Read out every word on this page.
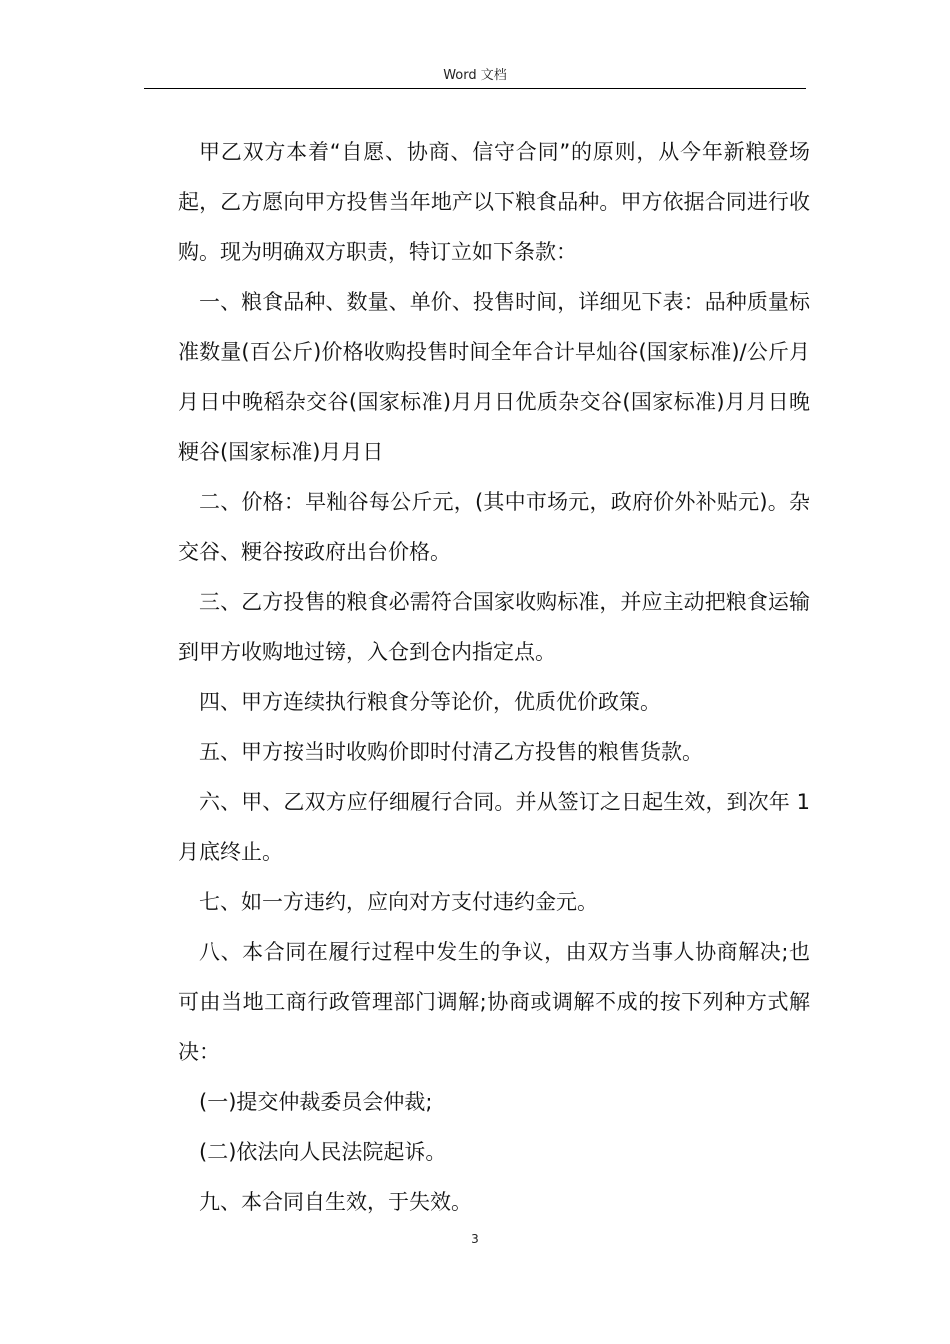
Word 文档

甲乙双方本着“自愿、协商、信守合同”的原则，从今年新粮登场起，乙方愿向甲方投售当年地产以下粮食品种。甲方依据合同进行收购。现为明确双方职责，特订立如下条款：

一、粮食品种、数量、单价、投售时间，详细见下表：品种质量标准数量(百公斤)价格收购投售时间全年合计早灿谷(国家标准)/公斤月月日中晚稻杂交谷(国家标准)月月日优质杂交谷(国家标准)月月日晚粳谷(国家标准)月月日

二、价格：早籼谷每公斤元，(其中市场元，政府价外补贴元)。杂交谷、粳谷按政府出台价格。

三、乙方投售的粮食必需符合国家收购标准，并应主动把粮食运输到甲方收购地过镑，入仓到仓内指定点。

四、甲方连续执行粮食分等论价，优质优价政策。

五、甲方按当时收购价即时付清乙方投售的粮售货款。

六、甲、乙双方应仔细履行合同。并从签订之日起生效，到次年 1 月底终止。

七、如一方违约，应向对方支付违约金元。

八、本合同在履行过程中发生的争议，由双方当事人协商解决;也可由当地工商行政管理部门调解;协商或调解不成的按下列种方式解决：

(一)提交仲裁委员会仲裁;

(二)依法向人民法院起诉。

九、本合同自生效，于失效。

3
